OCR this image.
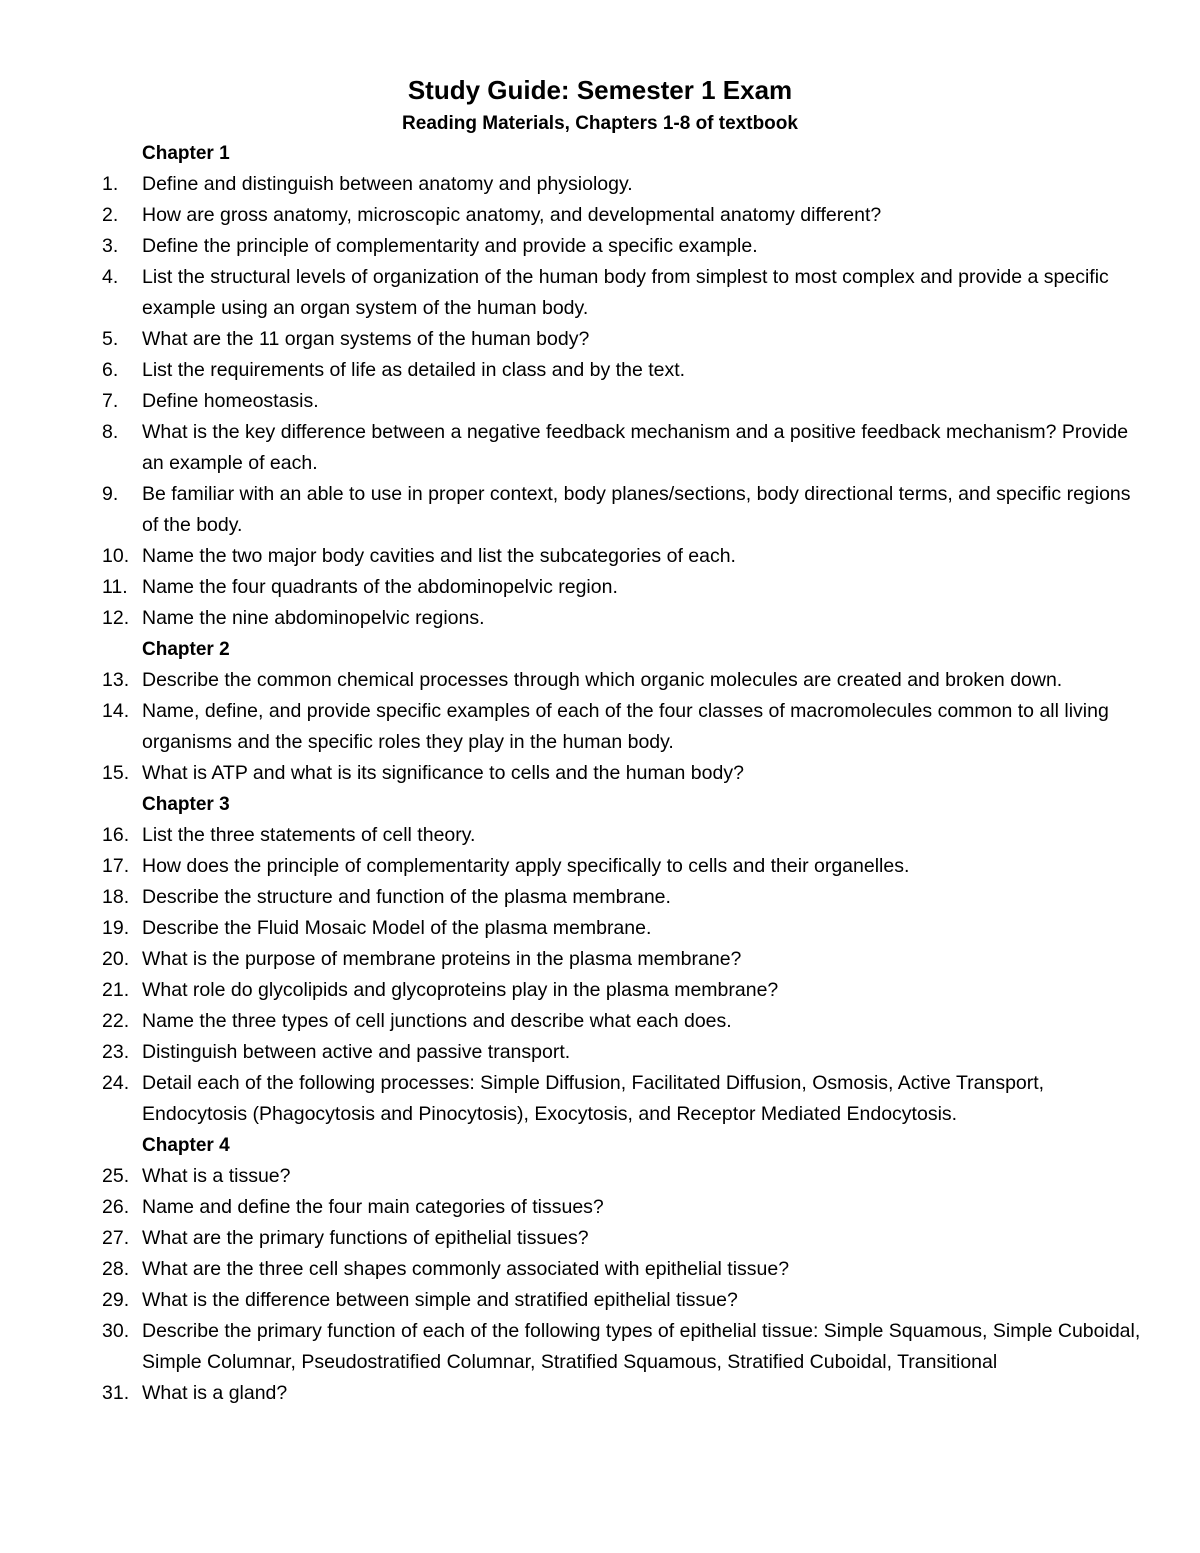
Study Guide: Semester 1 Exam
Reading Materials, Chapters 1-8 of textbook
Chapter 1
1.	Define and distinguish between anatomy and physiology.
2.	How are gross anatomy, microscopic anatomy, and developmental anatomy different?
3.	Define the principle of complementarity and provide a specific example.
4.	List the structural levels of organization of the human body from simplest to most complex and provide a specific example using an organ system of the human body.
5.	What are the 11 organ systems of the human body?
6.	List the requirements of life as detailed in class and by the text.
7.	Define homeostasis.
8.	What is the key difference between a negative feedback mechanism and a positive feedback mechanism? Provide an example of each.
9.	Be familiar with an able to use in proper context, body planes/sections, body directional terms, and specific regions of the body.
10. Name the two major body cavities and list the subcategories of each.
11. Name the four quadrants of the abdominopelvic region.
12. Name the nine abdominopelvic regions.
Chapter 2
13. Describe the common chemical processes through which organic molecules are created and broken down.
14. Name, define, and provide specific examples of each of the four classes of macromolecules common to all living organisms and the specific roles they play in the human body.
15. What is ATP and what is its significance to cells and the human body?
Chapter 3
16. List the three statements of cell theory.
17. How does the principle of complementarity apply specifically to cells and their organelles.
18. Describe the structure and function of the plasma membrane.
19. Describe the Fluid Mosaic Model of the plasma membrane.
20. What is the purpose of membrane proteins in the plasma membrane?
21. What role do glycolipids and glycoproteins play in the plasma membrane?
22. Name the three types of cell junctions and describe what each does.
23. Distinguish between active and passive transport.
24. Detail each of the following processes: Simple Diffusion, Facilitated Diffusion, Osmosis, Active Transport, Endocytosis (Phagocytosis and Pinocytosis), Exocytosis, and Receptor Mediated Endocytosis.
Chapter 4
25. What is a tissue?
26. Name and define the four main categories of tissues?
27. What are the primary functions of epithelial tissues?
28. What are the three cell shapes commonly associated with epithelial tissue?
29. What is the difference between simple and stratified epithelial tissue?
30. Describe the primary function of each of the following types of epithelial tissue: Simple Squamous, Simple Cuboidal, Simple Columnar, Pseudostratified Columnar, Stratified Squamous, Stratified Cuboidal, Transitional
31. What is a gland?
